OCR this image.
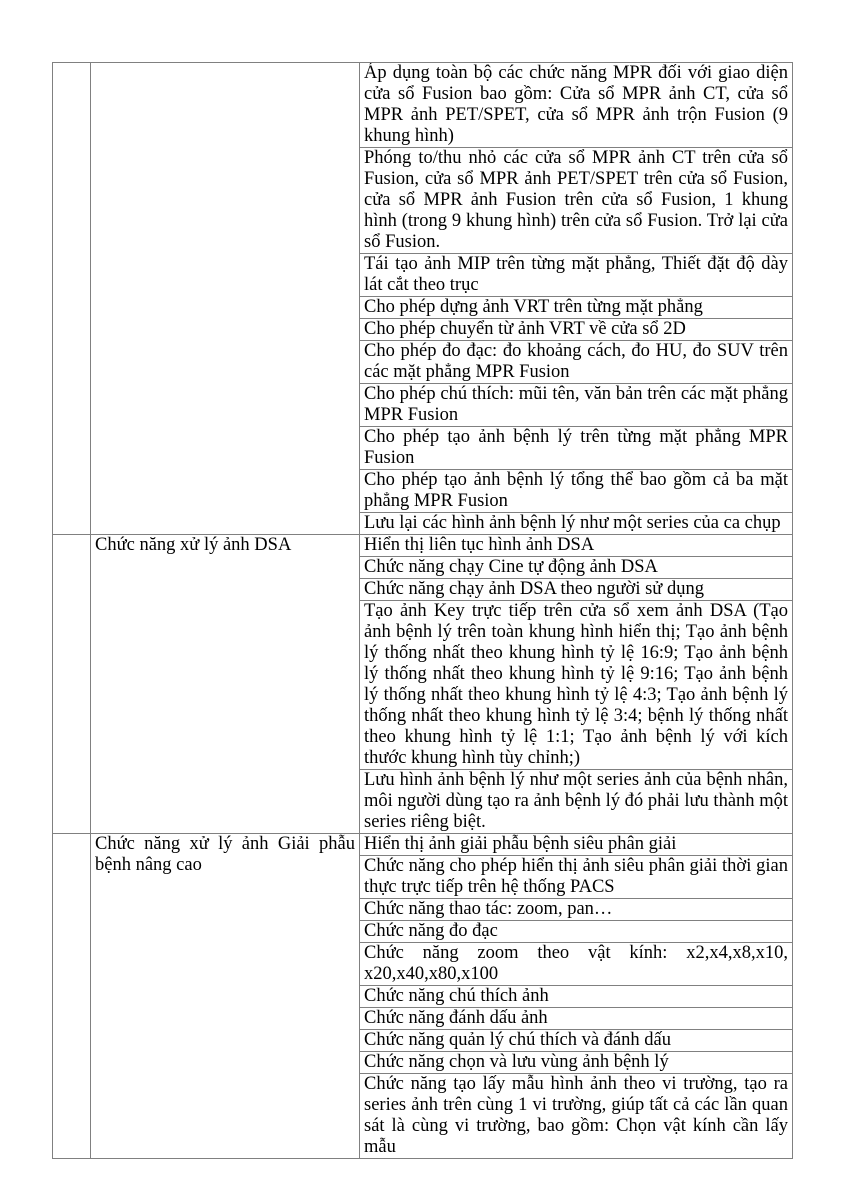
		Áp dụng toàn bộ các chức năng MPR đối với giao diện cửa sổ Fusion bao gồm: Cửa sổ MPR ảnh CT, cửa sổ MPR ảnh PET/SPET, cửa sổ MPR ảnh trộn Fusion (9 khung hình)
		Phóng to/thu nhỏ các cửa sổ MPR ảnh CT trên cửa sổ Fusion, cửa sổ MPR ảnh PET/SPET trên cửa sổ Fusion, cửa sổ MPR ảnh Fusion trên cửa sổ Fusion, 1 khung hình (trong 9 khung hình) trên cửa sổ Fusion. Trở lại cửa sổ Fusion.
		Tái tạo ảnh MIP trên từng mặt phẳng, Thiết đặt độ dày lát cắt theo trục
		Cho phép dựng ảnh VRT trên từng mặt phẳng
		Cho phép chuyển từ ảnh VRT về cửa sổ 2D
		Cho phép đo đạc: đo khoảng cách, đo HU, đo SUV trên các mặt phẳng MPR Fusion
		Cho phép chú thích: mũi tên, văn bản trên các mặt phẳng MPR Fusion
		Cho phép tạo ảnh bệnh lý trên từng mặt phẳng MPR Fusion
		Cho phép tạo ảnh bệnh lý tổng thể bao gồm cả ba mặt phẳng MPR Fusion
		Lưu lại các hình ảnh bệnh lý như một series của ca chụp
	Chức năng xử lý ảnh DSA	Hiển thị liên tục hình ảnh DSA
		Chức năng chạy Cine tự động ảnh DSA
		Chức năng chạy ảnh DSA theo người sử dụng
		Tạo ảnh Key trực tiếp trên cửa sổ xem ảnh DSA (Tạo ảnh bệnh lý trên toàn khung hình hiển thị; Tạo ảnh bệnh lý thống nhất theo khung hình tỷ lệ 16:9; Tạo ảnh bệnh lý thống nhất theo khung hình tỷ lệ 9:16; Tạo ảnh bệnh lý thống nhất theo khung hình tỷ lệ 4:3; Tạo ảnh bệnh lý thống nhất theo khung hình tỷ lệ 3:4; bệnh lý thống nhất theo khung hình tỷ lệ 1:1; Tạo ảnh bệnh lý với kích thước khung hình tùy chỉnh;)
		Lưu hình ảnh bệnh lý như một series ảnh của bệnh nhân, môi người dùng tạo ra ảnh bệnh lý đó phải lưu thành một series riêng biệt.
	Chức năng xử lý ảnh Giải phẫu bệnh nâng cao	Hiển thị ảnh giải phẫu bệnh siêu phân giải
		Chức năng cho phép hiển thị ảnh siêu phân giải thời gian thực trực tiếp trên hệ thống PACS
		Chức năng thao tác: zoom, pan…
		Chức năng đo đạc
		Chức năng zoom theo vật kính: x2,x4,x8,x10, x20,x40,x80,x100
		Chức năng chú thích ảnh
		Chức năng đánh dấu ảnh
		Chức năng quản lý chú thích và đánh dấu
		Chức năng chọn và lưu vùng ảnh bệnh lý
		Chức năng tạo lấy mẫu hình ảnh theo vi trường, tạo ra series ảnh trên cùng 1 vi trường, giúp tất cả các lần quan sát là cùng vi trường, bao gồm: Chọn vật kính cần lấy mẫu
